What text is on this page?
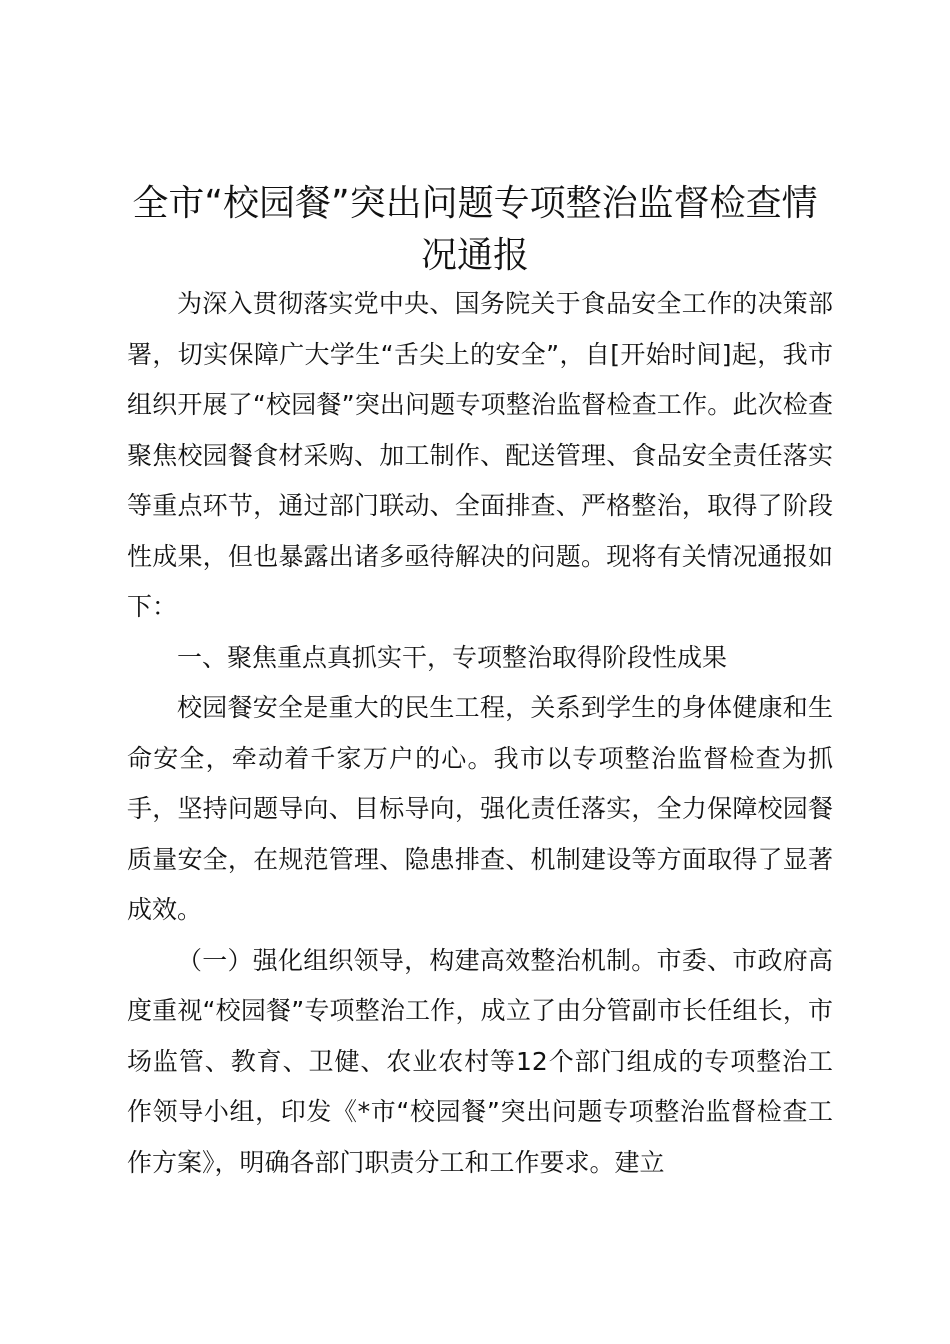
全市“校园餐”突出问题专项整治监督检查情况通报

为深入贯彻落实党中央、国务院关于食品安全工作的决策部署，切实保障广大学生“舌尖上的安全”，自[开始时间]起，我市组织开展了“校园餐”突出问题专项整治监督检查工作。此次检查聚焦校园餐食材采购、加工制作、配送管理、食品安全责任落实等重点环节，通过部门联动、全面排查、严格整治，取得了阶段性成果，但也暴露出诸多亟待解决的问题。现将有关情况通报如下：

一、聚焦重点真抓实干，专项整治取得阶段性成果

校园餐安全是重大的民生工程，关系到学生的身体健康和生命安全，牵动着千家万户的心。我市以专项整治监督检查为抓手，坚持问题导向、目标导向，强化责任落实，全力保障校园餐质量安全，在规范管理、隐患排查、机制建设等方面取得了显著成效。

（一）强化组织领导，构建高效整治机制。市委、市政府高度重视“校园餐”专项整治工作，成立了由分管副市长任组长，市场监管、教育、卫健、农业农村等12个部门组成的专项整治工作领导小组，印发《*市“校园餐”突出问题专项整治监督检查工作方案》，明确各部门职责分工和工作要求。建立
